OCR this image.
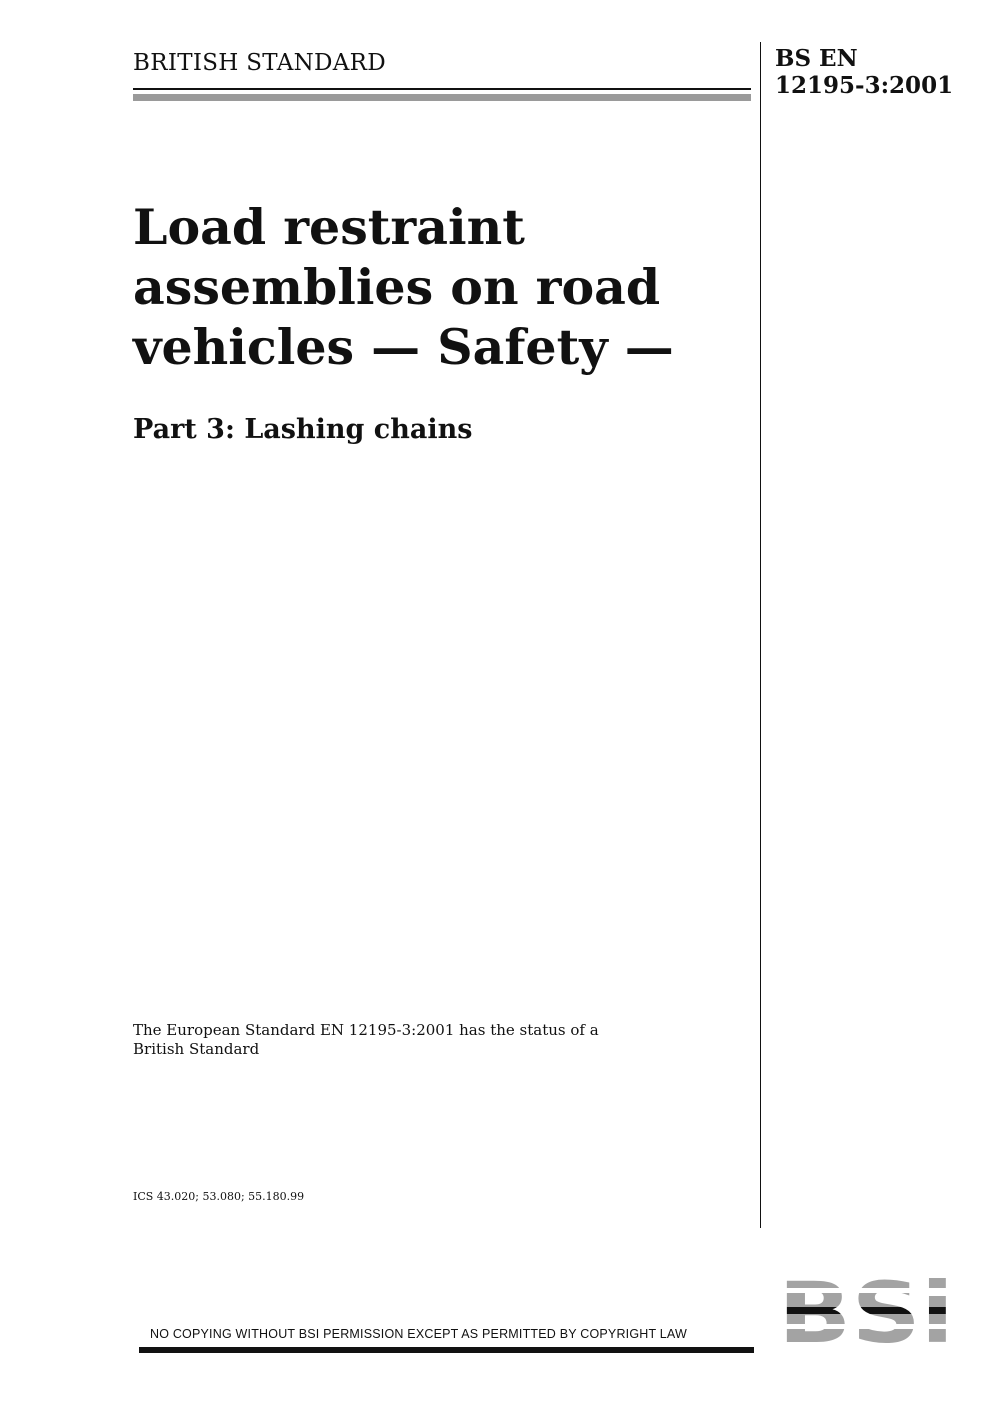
BRITISH STANDARD	BS EN
12195-3:2001
Load restraint
assemblies on road
vehicles — Safety —
Part 3: Lashing chains
The European Standard EN 12195-3:2001 has the status of a
British Standard
ICS 43.020; 53.080; 55.180.99
NO COPYING WITHOUT BSI PERMISSION EXCEPT AS PERMITTED BY COPYRIGHT LAW
